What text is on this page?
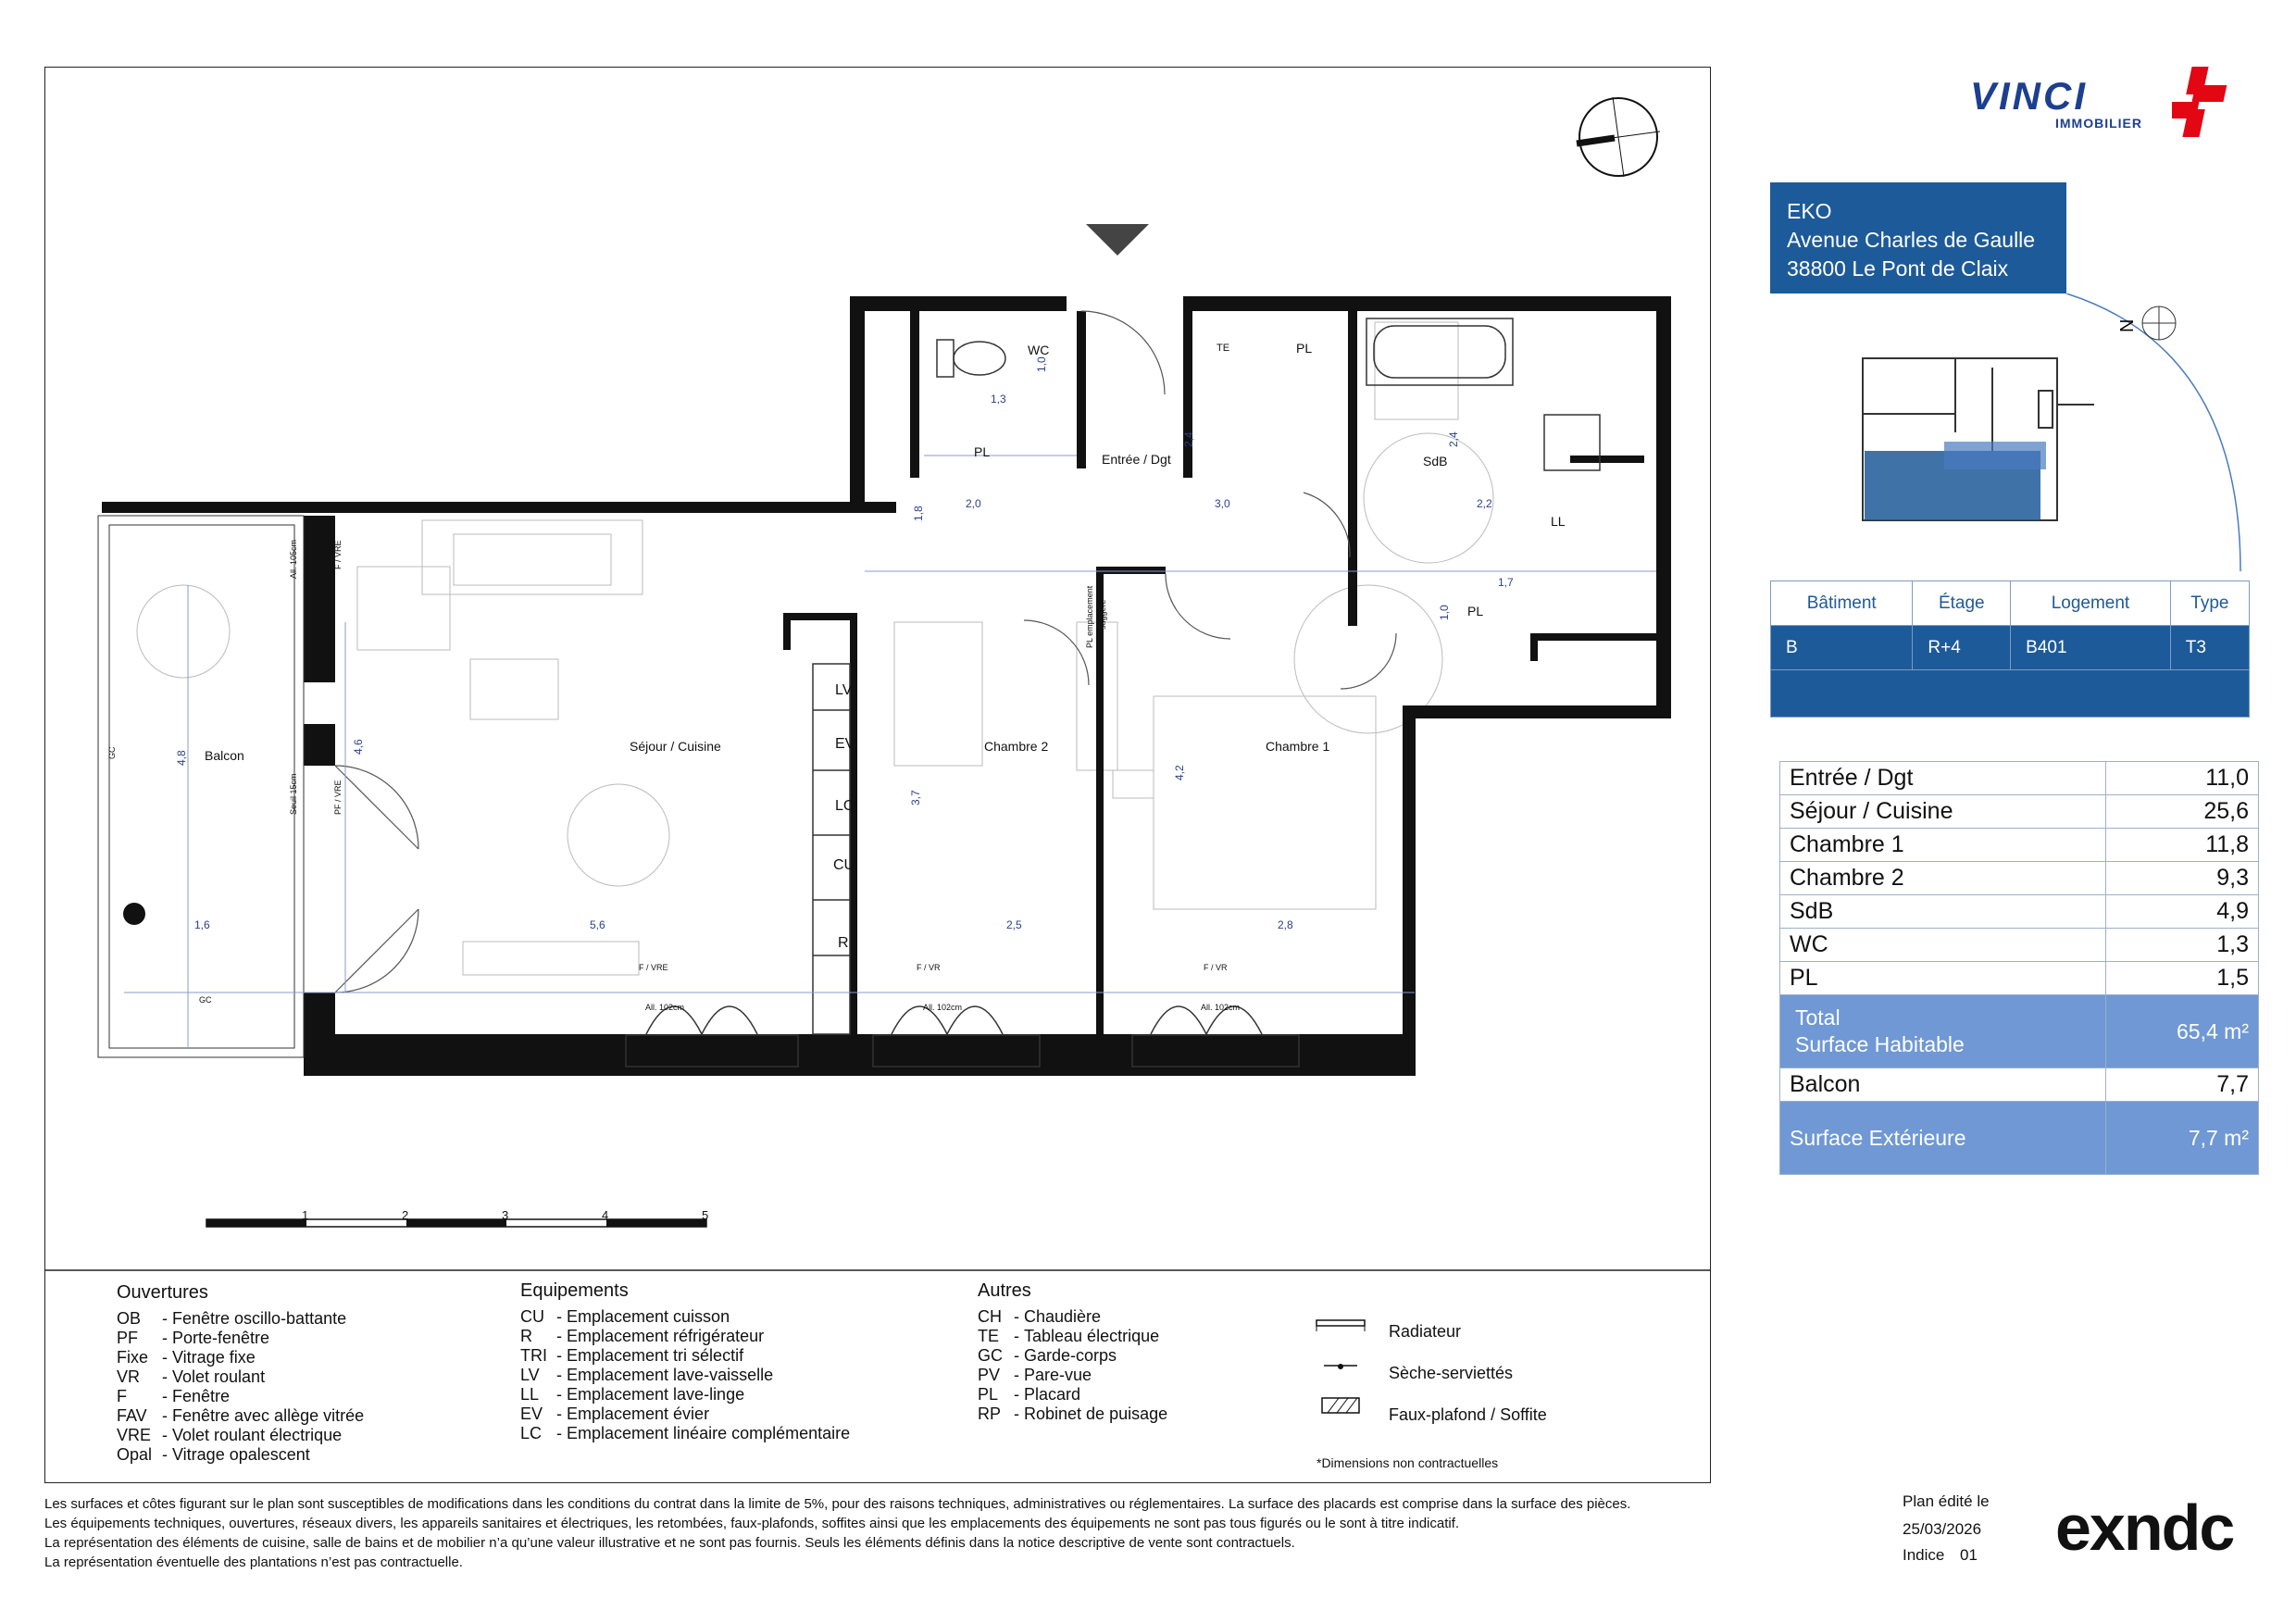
WC	TE	PL
PL	Entrée / Dgt	SdB
LL
PL
Séjour / Cuisine	Chambre 2	Chambre 1
Balcon
LV
EV
LC
CU
R
PL emplacement suggéré
GC
GC
F / VRE	F / VR	F / VR
All. 102cm	All. 102cm	All. 102cm
F / VRE
All. 105cm
PF / VRE
Seuil 15cm
1,3
1,0
2,4	2,4
1,8
2,0	3,0	2,2
1,7
1,0
4,8
4,6
3,7
4,2
1,6	5,6	2,5	2,8
1	2	3	4	5
VINCI
IMMOBILIER
EKO
Avenue Charles de Gaulle
38800 Le Pont de Claix
N
Bâtiment	Étage	Logement	Type
B	R+4	B401	T3

Entrée / Dgt	11,0
Séjour / Cuisine	25,6
Chambre 1	11,8
Chambre 2	9,3
SdB	4,9
WC	1,3
PL	1,5

Total
Surface Habitable	65,4 m²
Balcon	7,7
Surface Extérieure	7,7 m²
Ouvertures
OB - Fenêtre oscillo-battante
PF	- Porte-fenêtre
Fixe - Vitrage fixe
VR	- Volet roulant
F	- Fenêtre
FAV - Fenêtre avec allège vitrée
VRE - Volet roulant électrique
Opal - Vitrage opalescent
Equipements
CU - Emplacement cuisson
R	- Emplacement réfrigérateur
TRI - Emplacement tri sélectif
LV - Emplacement lave-vaisselle
LL - Emplacement lave-linge
EV - Emplacement évier
LC - Emplacement linéaire complémentaire
Autres
CH - Chaudière
TE - Tableau électrique
GC - Garde-corps
PV - Pare-vue
PL - Placard
RP - Robinet de puisage
Radiateur
Sèche-serviettés
Faux-plafond / Soffite
*Dimensions non contractuelles
Les surfaces et côtes figurant sur le plan sont susceptibles de modifications dans les conditions du contrat dans la limite de 5%, pour des raisons techniques, administratives ou réglementaires. La surface des placards est comprise dans la surface des pièces.
Les équipements techniques, ouvertures, réseaux divers, les appareils sanitaires et électriques, les retombées, faux-plafonds, soffites ainsi que les emplacements des équipements ne sont pas tous figurés ou le sont à titre indicatif.
La représentation des éléments de cuisine, salle de bains et de mobilier n’a qu’une valeur illustrative et ne sont pas fournis. Seuls les éléments définis dans la notice descriptive de vente sont contractuels.
La représentation éventuelle des plantations n’est pas contractuelle.
Plan édité le
25/03/2026
Indice 01 exndc
